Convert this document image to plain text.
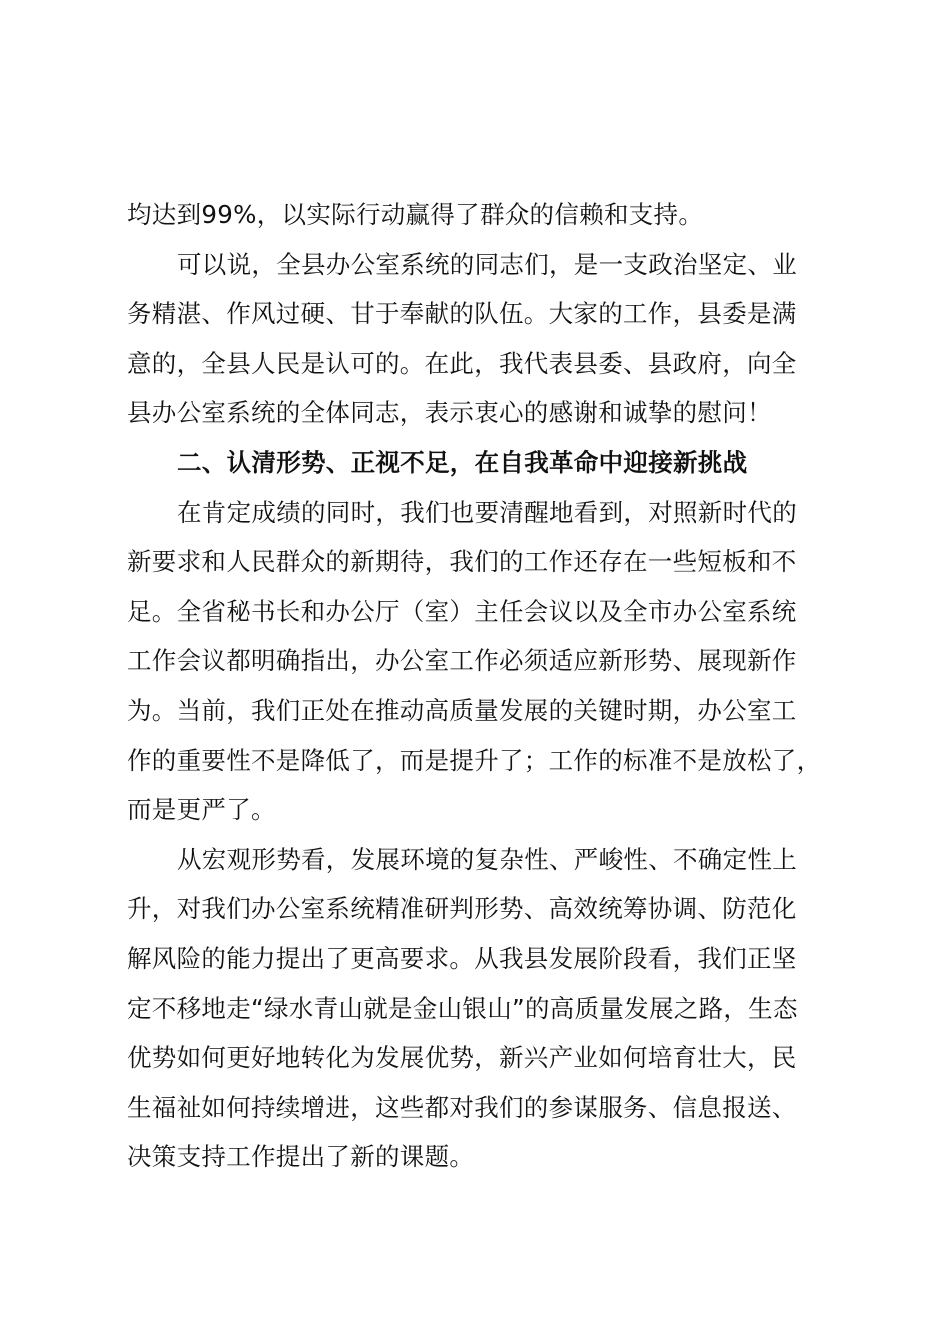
均达到99%，以实际行动赢得了群众的信赖和支持。
可以说，全县办公室系统的同志们，是一支政治坚定、业
务精湛、作风过硬、甘于奉献的队伍。大家的工作，县委是满
意的，全县人民是认可的。在此，我代表县委、县政府，向全
县办公室系统的全体同志，表示衷心的感谢和诚挚的慰问！
二、认清形势、正视不足，在自我革命中迎接新挑战
在肯定成绩的同时，我们也要清醒地看到，对照新时代的
新要求和人民群众的新期待，我们的工作还存在一些短板和不
足。全省秘书长和办公厅（室）主任会议以及全市办公室系统
工作会议都明确指出，办公室工作必须适应新形势、展现新作
为。当前，我们正处在推动高质量发展的关键时期，办公室工
作的重要性不是降低了，而是提升了；工作的标准不是放松了，
而是更严了。
从宏观形势看，发展环境的复杂性、严峻性、不确定性上
升，对我们办公室系统精准研判形势、高效统筹协调、防范化
解风险的能力提出了更高要求。从我县发展阶段看，我们正坚
定不移地走“绿水青山就是金山银山”的高质量发展之路，生态
优势如何更好地转化为发展优势，新兴产业如何培育壮大，民
生福祉如何持续增进，这些都对我们的参谋服务、信息报送、
决策支持工作提出了新的课题。
